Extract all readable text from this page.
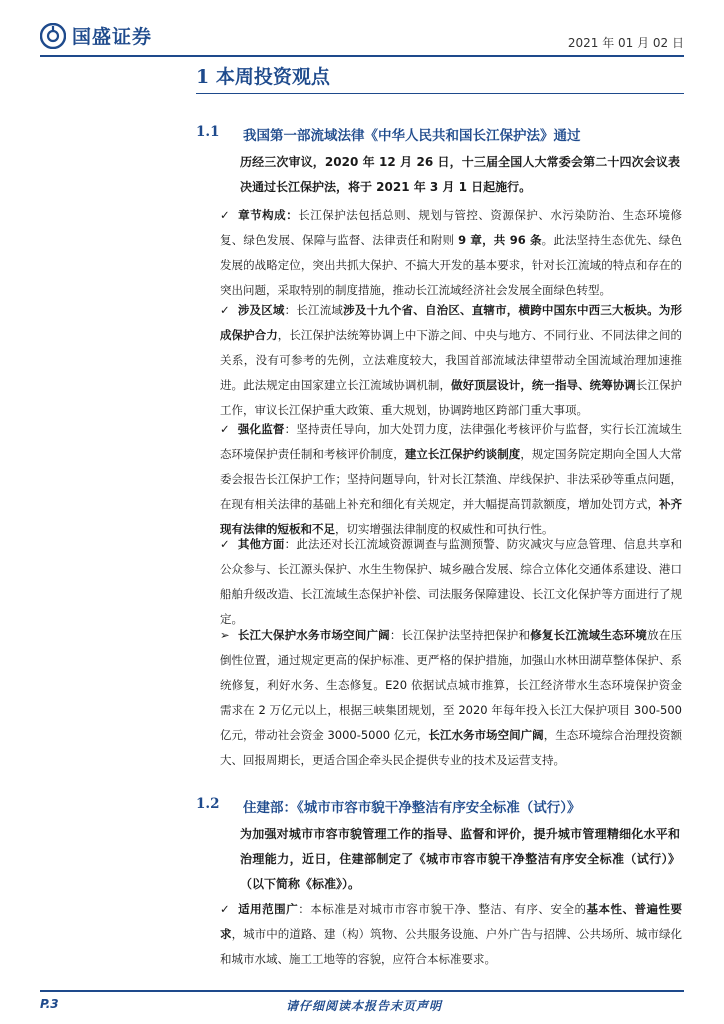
国盛证券	2021 年 01 月 02 日
1 本周投资观点
1.1 我国第一部流域法律《中华人民共和国长江保护法》通过
历经三次审议，2020 年 12 月 26 日，十三届全国人大常委会第二十四次会议表决通过长江保护法，将于 2021 年 3 月 1 日起施行。
✓ 章节构成：长江保护法包括总则、规划与管控、资源保护、水污染防治、生态环境修复、绿色发展、保障与监督、法律责任和附则 9 章，共 96 条。此法坚持生态优先、绿色发展的战略定位，突出共抓大保护、不搞大开发的基本要求，针对长江流域的特点和存在的突出问题，采取特别的制度措施，推动长江流域经济社会发展全面绿色转型。
✓ 涉及区域：长江流域涉及十九个省、自治区、直辖市，横跨中国东中西三大板块。为形成保护合力，长江保护法统筹协调上中下游之间、中央与地方、不同行业、不同法律之间的关系，没有可参考的先例，立法难度较大，我国首部流域法律望带动全国流域治理加速推进。此法规定由国家建立长江流域协调机制，做好顶层设计，统一指导、统筹协调长江保护工作，审议长江保护重大政策、重大规划，协调跨地区跨部门重大事项。
✓ 强化监督：坚持责任导向，加大处罚力度，法律强化考核评价与监督，实行长江流域生态环境保护责任制和考核评价制度，建立长江保护约谈制度，规定国务院定期向全国人大常委会报告长江保护工作；坚持问题导向，针对长江禁渔、岸线保护、非法采砂等重点问题，在现有相关法律的基础上补充和细化有关规定，并大幅提高罚款额度，增加处罚方式，补齐现有法律的短板和不足，切实增强法律制度的权威性和可执行性。
✓ 其他方面：此法还对长江流域资源调查与监测预警、防灾减灾与应急管理、信息共享和公众参与、长江源头保护、水生生物保护、城乡融合发展、综合立体化交通体系建设、港口船舶升级改造、长江流域生态保护补偿、司法服务保障建设、长江文化保护等方面进行了规定。
➢ 长江大保护水务市场空间广阔：长江保护法坚持把保护和修复长江流域生态环境放在压倒性位置，通过规定更高的保护标准、更严格的保护措施，加强山水林田湖草整体保护、系统修复，利好水务、生态修复。E20 依据试点城市推算，长江经济带水生态环境保护资金需求在 2 万亿元以上，根据三峡集团规划，至 2020 年每年投入长江大保护项目 300-500 亿元，带动社会资金 3000-5000 亿元，长江水务市场空间广阔，生态环境综合治理投资额大、回报周期长，更适合国企牵头民企提供专业的技术及运营支持。
1.2 住建部：《城市市容市貌干净整洁有序安全标准（试行）》
为加强对城市市容市貌管理工作的指导、监督和评价，提升城市管理精细化水平和治理能力，近日，住建部制定了《城市市容市貌干净整洁有序安全标准（试行）》（以下简称《标准》）。
✓ 适用范围广：本标准是对城市市容市貌干净、整洁、有序、安全的基本性、普遍性要求，城市中的道路、建（构）筑物、公共服务设施、户外广告与招牌、公共场所、城市绿化和城市水域、施工工地等的容貌，应符合本标准要求。
P.3	请仔细阅读本报告末页声明
